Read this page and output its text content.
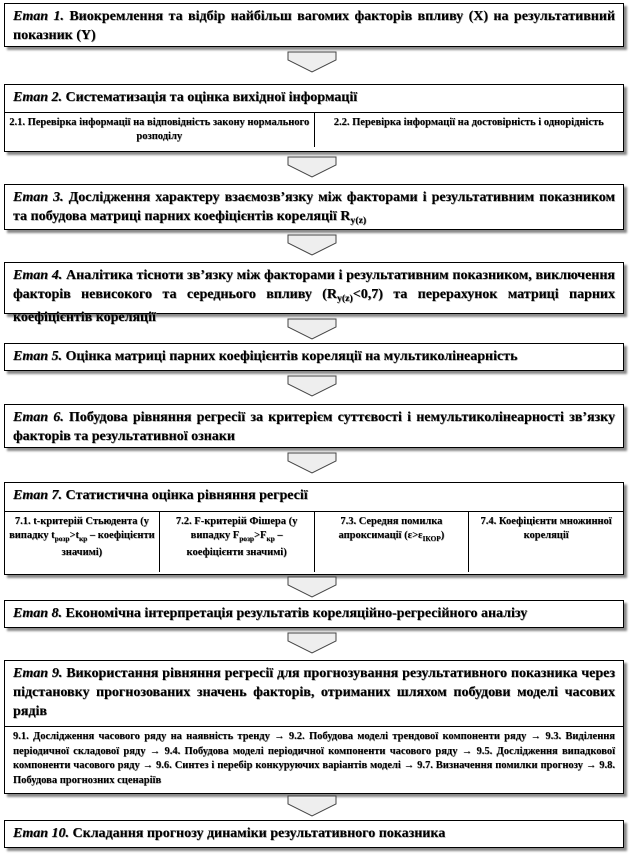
Етап 1. Виокремлення та відбір найбільш вагомих факторів впливу (X) на результативний показник (Y)
Етап 2. Систематизація та оцінка вихідної інформації
2.1. Перевірка інформації на відповідність закону нормального розподілу
2.2. Перевірка інформації на достовірність і однорідність
Етап 3. Дослідження характеру взаємозв’язку між факторами і результативним показником та побудова матриці парних коефіцієнтів кореляції $R_{y(z)}$
Етап 4. Аналітика тісноти зв’язку між факторами і результативним показником, виключення факторів невисокого та середнього впливу $(R_{y(z)}<0,7)$ та перерахунок матриці парних коефіцієнтів кореляції
Етап 5. Оцінка матриці парних коефіцієнтів кореляції на мультиколінеарність
Етап 6. Побудова рівняння регресії за критерієм суттєвості і немультиколінеарності зв’язку факторів та результативної ознаки
Етап 7. Статистична оцінка рівняння регресії
7.1. t-критерій Стьюдента (у випадку $t_{розр}>t_{кр}$ – коефіцієнти значимі)
7.2. F-критерій Фішера (у випадку $F_{розр}>F_{кр}$ – коефіцієнти значимі)
7.3. Середня помилка апроксимації $(\varepsilon>\varepsilon_{ІКОР})$
7.4. Коефіцієнти множинної кореляції
Етап 8. Економічна інтерпретація результатів кореляційно-регресійного аналізу
Етап 9. Використання рівняння регресії для прогнозування результативного показника через підстановку прогнозованих значень факторів, отриманих шляхом побудови моделі часових рядів
9.1. Дослідження часового ряду на наявність тренду → 9.2. Побудова моделі трендової компоненти ряду → 9.3. Виділення періодичної складової ряду → 9.4. Побудова моделі періодичної компоненти часового ряду → 9.5. Дослідження випадкової компоненти часового ряду → 9.6. Синтез і перебір конкуруючих варіантів моделі → 9.7. Визначення помилки прогнозу → 9.8. Побудова прогнозних сценаріїв
Етап 10. Складання прогнозу динаміки результативного показника
